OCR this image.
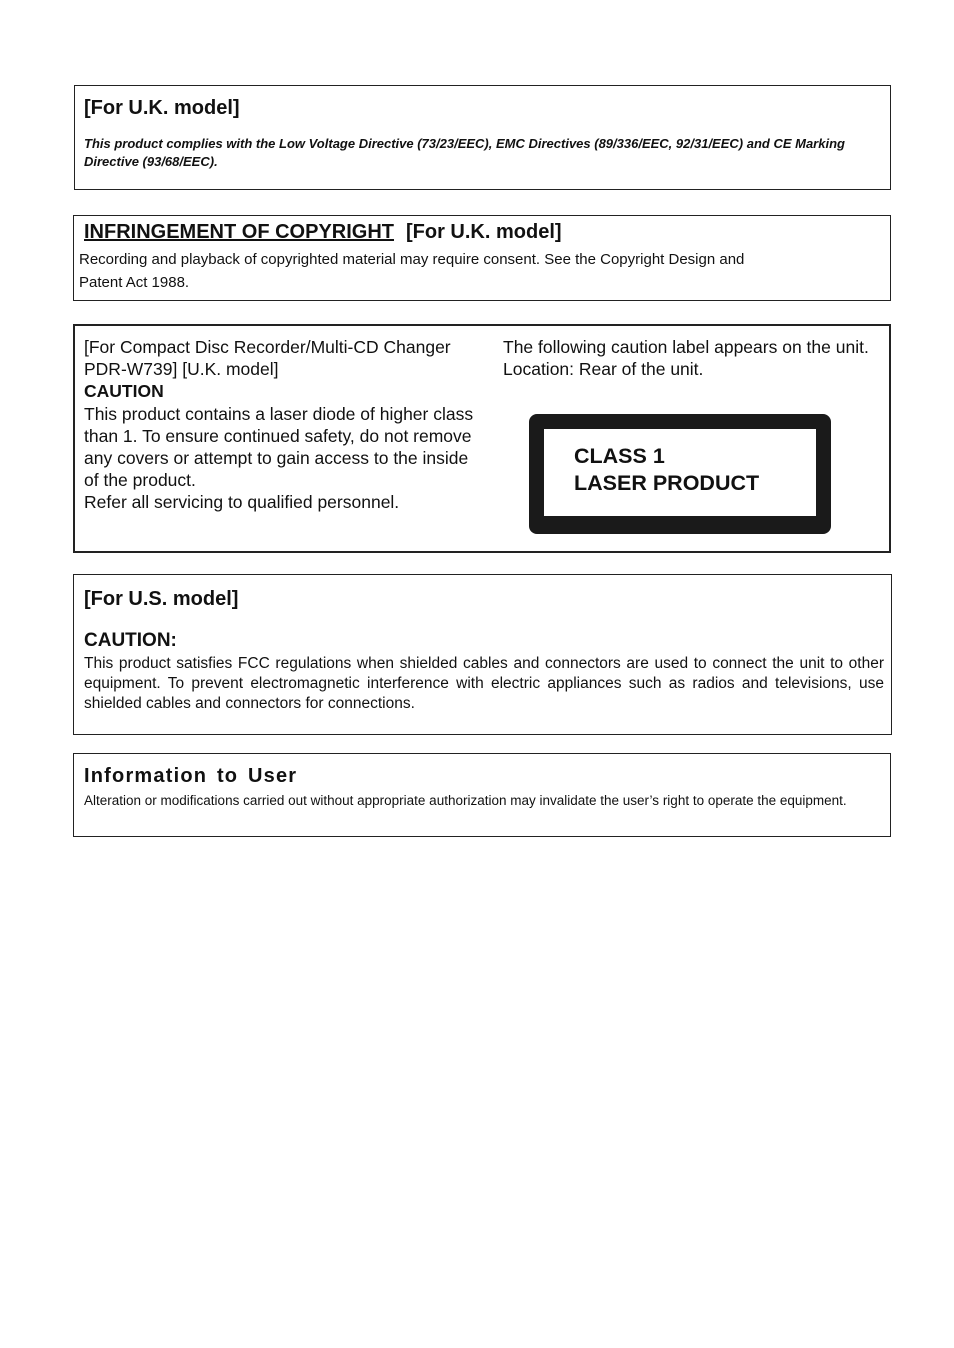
[For U.K. model]
This product complies with the Low Voltage Directive (73/23/EEC), EMC Directives (89/336/EEC, 92/31/EEC) and CE Marking Directive (93/68/EEC).
INFRINGEMENT OF COPYRIGHT [For U.K. model]
Recording and playback of copyrighted material may require consent. See the Copyright Design and
Patent Act 1988.
[For Compact Disc Recorder/Multi-CD Changer PDR-W739] [U.K. model]
CAUTION
This product contains a laser diode of higher class than 1. To ensure continued safety, do not remove any covers or attempt to gain access to the inside of the product.
Refer all servicing to qualified personnel.
The following caution label appears on the unit.
Location: Rear of the unit.
CLASS 1
LASER PRODUCT
[For U.S. model]
CAUTION:
This product satisfies FCC regulations when shielded cables and connectors are used to connect the unit to other equipment. To prevent electromagnetic interference with electric appliances such as radios and televisions, use shielded cables and connectors for connections.
Information to User
Alteration or modifications carried out without appropriate authorization may invalidate the user’s right to operate the equipment.
